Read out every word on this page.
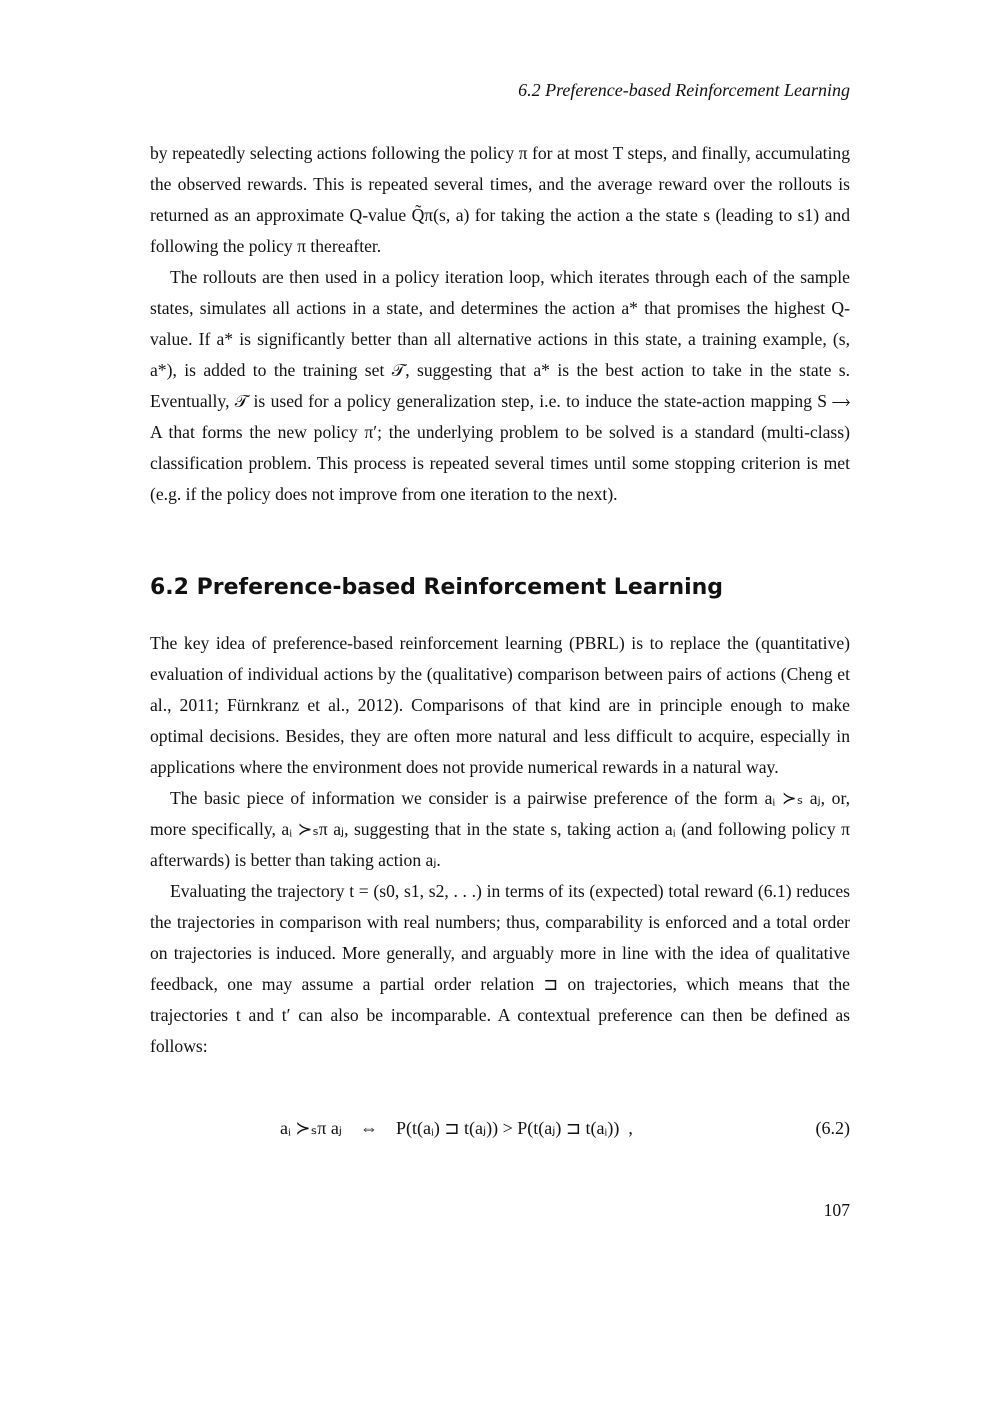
6.2 Preference-based Reinforcement Learning

by repeatedly selecting actions following the policy π for at most T steps, and finally, accumulating the observed rewards. This is repeated several times, and the average reward over the rollouts is returned as an approximate Q-value Q̃π(s, a) for taking the action a the state s (leading to s1) and following the policy π thereafter.

The rollouts are then used in a policy iteration loop, which iterates through each of the sample states, simulates all actions in a state, and determines the action a* that promises the highest Q-value. If a* is significantly better than all alternative actions in this state, a training example, (s, a*), is added to the training set 𝒯, suggesting that a* is the best action to take in the state s. Eventually, 𝒯 is used for a policy generalization step, i.e. to induce the state-action mapping S ⟶ A that forms the new policy π′; the underlying problem to be solved is a standard (multi-class) classification problem. This process is repeated several times until some stopping criterion is met (e.g. if the policy does not improve from one iteration to the next).

6.2 Preference-based Reinforcement Learning

The key idea of preference-based reinforcement learning (PBRL) is to replace the (quantitative) evaluation of individual actions by the (qualitative) comparison between pairs of actions (Cheng et al., 2011; Fürnkranz et al., 2012). Comparisons of that kind are in principle enough to make optimal decisions. Besides, they are often more natural and less difficult to acquire, especially in applications where the environment does not provide numerical rewards in a natural way.

The basic piece of information we consider is a pairwise preference of the form aᵢ ≻ₛ aⱼ, or, more specifically, aᵢ ≻ₛπ aⱼ, suggesting that in the state s, taking action aᵢ (and following policy π afterwards) is better than taking action aⱼ.

Evaluating the trajectory t = (s0, s1, s2, . . .) in terms of its (expected) total reward (6.1) reduces the trajectories in comparison with real numbers; thus, comparability is enforced and a total order on trajectories is induced. More generally, and arguably more in line with the idea of qualitative feedback, one may assume a partial order relation ⊐ on trajectories, which means that the trajectories t and t′ can also be incomparable. A contextual preference can then be defined as follows:

aᵢ ≻ₛπ aⱼ    ⇔    P(t(aᵢ) ⊐ t(aⱼ)) > P(t(aⱼ) ⊐ t(aᵢ))  ,	(6.2)
107
